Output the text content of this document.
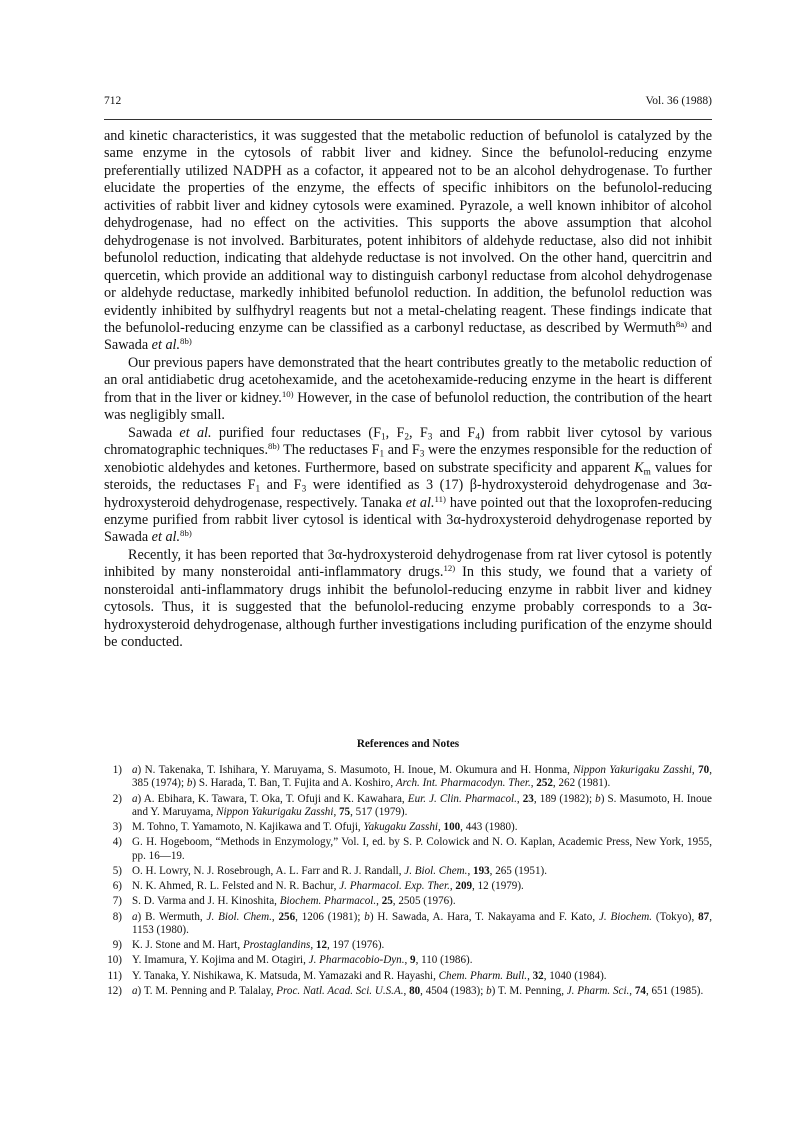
712	Vol. 36 (1988)

and kinetic characteristics, it was suggested that the metabolic reduction of befunolol is catalyzed by the same enzyme in the cytosols of rabbit liver and kidney. Since the befunolol-reducing enzyme preferentially utilized NADPH as a cofactor, it appeared not to be an alcohol dehydrogenase. To further elucidate the properties of the enzyme, the effects of specific inhibitors on the befunolol-reducing activities of rabbit liver and kidney cytosols were examined. Pyrazole, a well known inhibitor of alcohol dehydrogenase, had no effect on the activities. This supports the above assumption that alcohol dehydrogenase is not involved. Barbiturates, potent inhibitors of aldehyde reductase, also did not inhibit befunolol reduction, indicating that aldehyde reductase is not involved. On the other hand, quercitrin and quercetin, which provide an additional way to distinguish carbonyl reductase from alcohol dehydrogenase or aldehyde reductase, markedly inhibited befunolol reduction. In addition, the befunolol reduction was evidently inhibited by sulfhydryl reagents but not a metal-chelating reagent. These findings indicate that the befunolol-reducing enzyme can be classified as a carbonyl reductase, as described by Wermuth$^{8a)}$ and Sawada et al.$^{8b)}$

Our previous papers have demonstrated that the heart contributes greatly to the metabolic reduction of an oral antidiabetic drug acetohexamide, and the acetohexamide-reducing enzyme in the heart is different from that in the liver or kidney.$^{10)}$ However, in the case of befunolol reduction, the contribution of the heart was negligibly small.

Sawada et al. purified four reductases ($F_1$, $F_2$, $F_3$ and $F_4$) from rabbit liver cytosol by various chromatographic techniques.$^{8b)}$ The reductases $F_1$ and $F_3$ were the enzymes responsible for the reduction of xenobiotic aldehydes and ketones. Furthermore, based on substrate specificity and apparent $K_m$ values for steroids, the reductases $F_1$ and $F_3$ were identified as 3 (17) β-hydroxysteroid dehydrogenase and 3α-hydroxysteroid dehydrogenase, respectively. Tanaka et al.$^{11)}$ have pointed out that the loxoprofen-reducing enzyme purified from rabbit liver cytosol is identical with 3α-hydroxysteroid dehydrogenase reported by Sawada et al.$^{8b)}$

Recently, it has been reported that 3α-hydroxysteroid dehydrogenase from rat liver cytosol is potently inhibited by many nonsteroidal anti-inflammatory drugs.$^{12)}$ In this study, we found that a variety of nonsteroidal anti-inflammatory drugs inhibit the befunolol-reducing enzyme in rabbit liver and kidney cytosols. Thus, it is suggested that the befunolol-reducing enzyme probably corresponds to a 3α-hydroxysteroid dehydrogenase, although further investigations including purification of the enzyme should be conducted.

References and Notes
1) a) N. Takenaka, T. Ishihara, Y. Maruyama, S. Masumoto, H. Inoue, M. Okumura and H. Honma, Nippon Yakurigaku Zasshi, 70, 385 (1974); b) S. Harada, T. Ban, T. Fujita and A. Koshiro, Arch. Int. Pharmacodyn. Ther., 252, 262 (1981).
2) a) A. Ebihara, K. Tawara, T. Oka, T. Ofuji and K. Kawahara, Eur. J. Clin. Pharmacol., 23, 189 (1982); b) S. Masumoto, H. Inoue and Y. Maruyama, Nippon Yakurigaku Zasshi, 75, 517 (1979).
3) M. Tohno, T. Yamamoto, N. Kajikawa and T. Ofuji, Yakugaku Zasshi, 100, 443 (1980).
4) G. H. Hogeboom, “Methods in Enzymology,” Vol. I, ed. by S. P. Colowick and N. O. Kaplan, Academic Press, New York, 1955, pp. 16—19.
5) O. H. Lowry, N. J. Rosebrough, A. L. Farr and R. J. Randall, J. Biol. Chem., 193, 265 (1951).
6) N. K. Ahmed, R. L. Felsted and N. R. Bachur, J. Pharmacol. Exp. Ther., 209, 12 (1979).
7) S. D. Varma and J. H. Kinoshita, Biochem. Pharmacol., 25, 2505 (1976).
8) a) B. Wermuth, J. Biol. Chem., 256, 1206 (1981); b) H. Sawada, A. Hara, T. Nakayama and F. Kato, J. Biochem. (Tokyo), 87, 1153 (1980).
9) K. J. Stone and M. Hart, Prostaglandins, 12, 197 (1976).
10) Y. Imamura, Y. Kojima and M. Otagiri, J. Pharmacobio-Dyn., 9, 110 (1986).
11) Y. Tanaka, Y. Nishikawa, K. Matsuda, M. Yamazaki and R. Hayashi, Chem. Pharm. Bull., 32, 1040 (1984).
12) a) T. M. Penning and P. Talalay, Proc. Natl. Acad. Sci. U.S.A., 80, 4504 (1983); b) T. M. Penning, J. Pharm. Sci., 74, 651 (1985).
